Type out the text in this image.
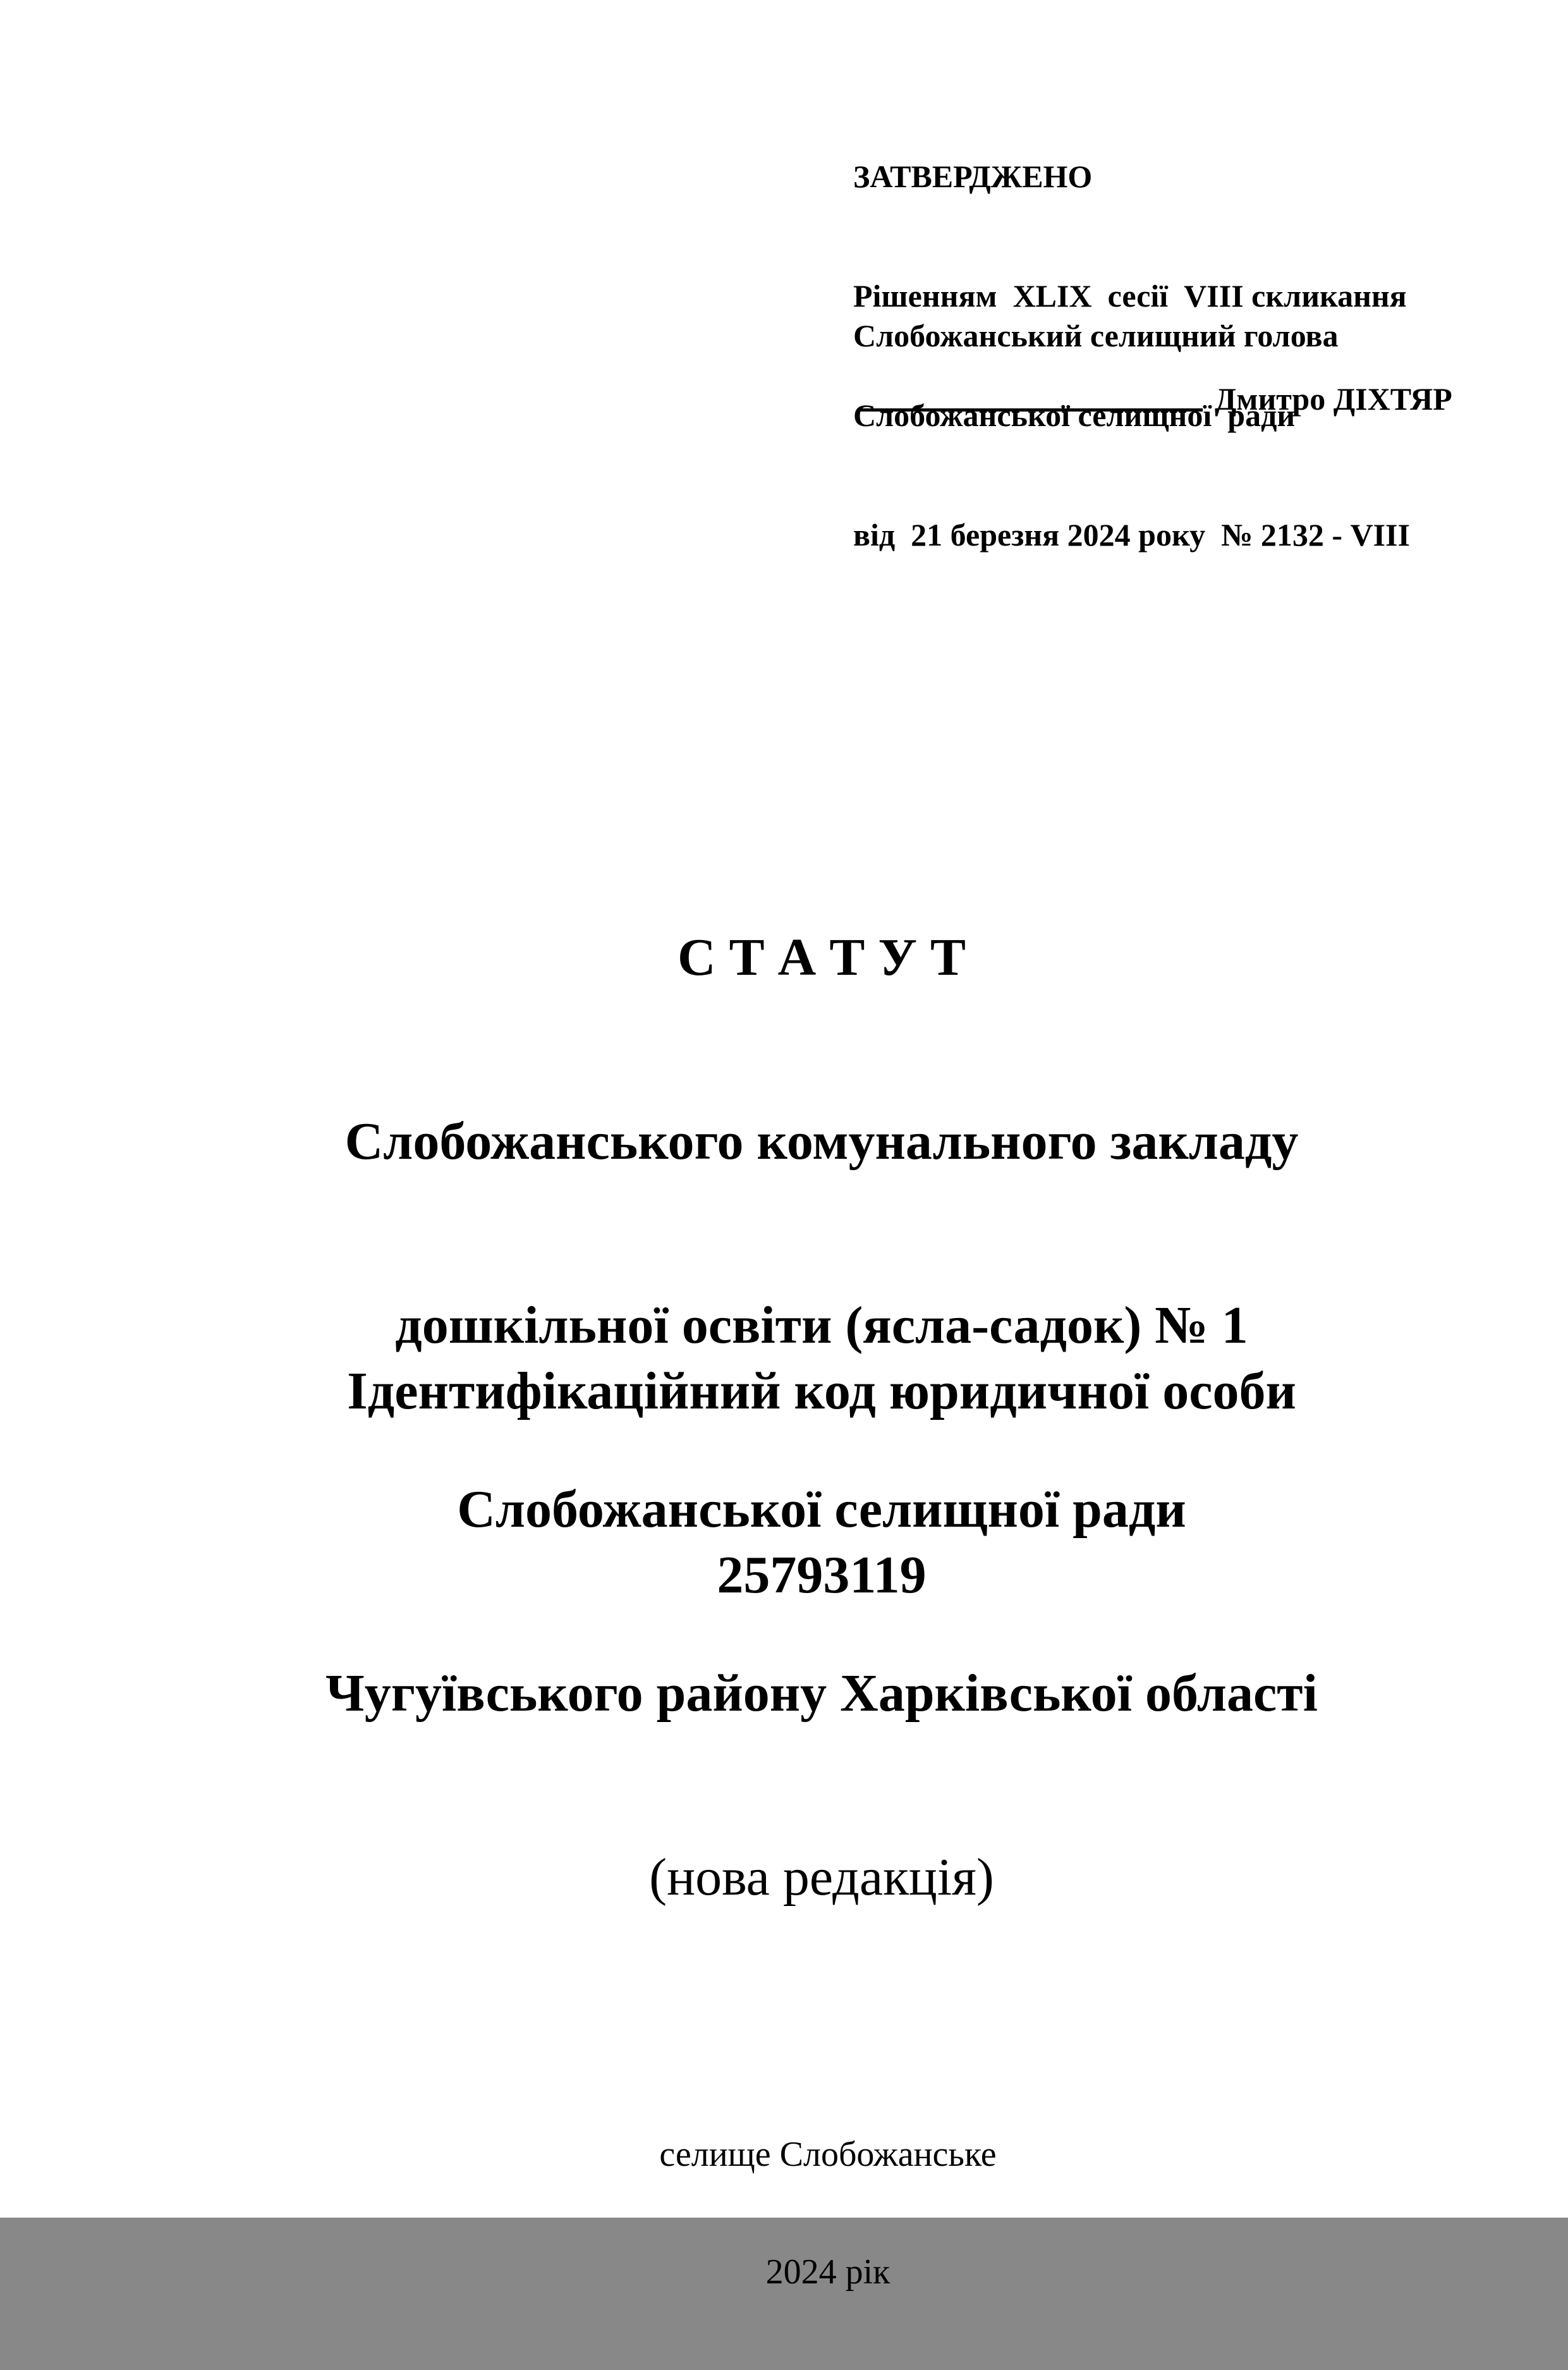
ЗАТВЕРДЖЕНО

Рішенням  XLIX  сесії  VIII скликання

Слобожанської селищної  ради

від  21 березня 2024 року  № 2132 - VIII

Слобожанський селищний голова
Дмитро ДІХТЯР

С Т А Т У Т

Слобожанського комунального закладу

дошкільної освіти (ясла-садок) № 1

Слобожанської селищної ради

Чугуївського району Харківської області

(нова редакція)

Ідентифікаційний код юридичної особи

25793119

селище Слобожанське

2024 рік
